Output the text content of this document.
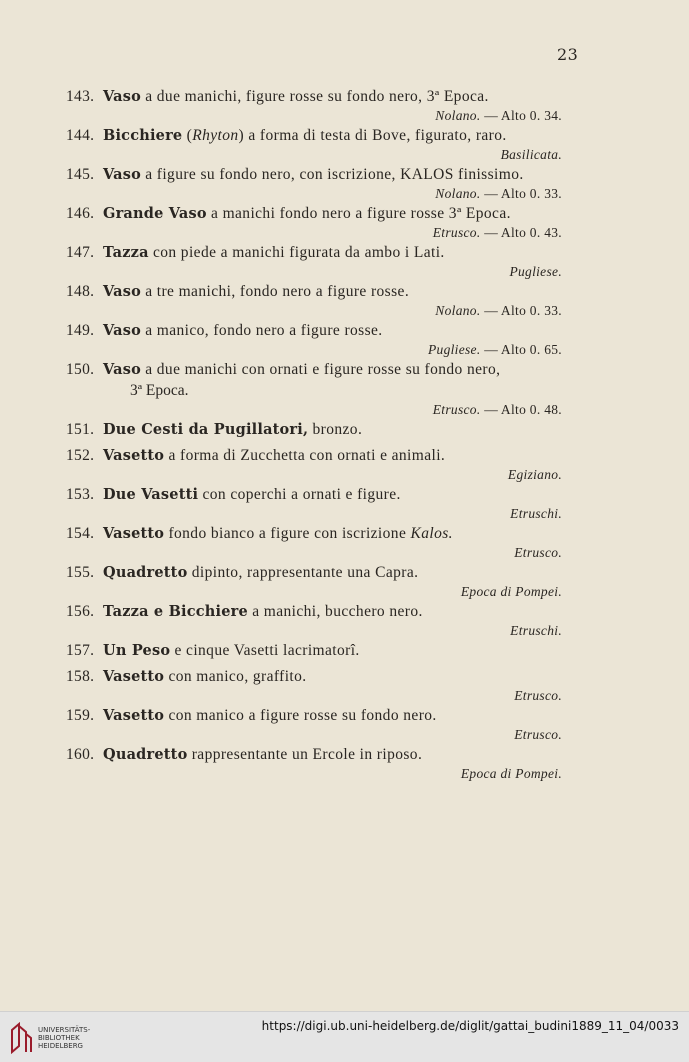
23
143. Vaso a due manichi, figure rosse su fondo nero, 3ª Epoca.
Nolano. — Alto 0. 34.
144. Bicchiere (Rhyton) a forma di testa di Bove, figurato, raro.
Basilicata.
145. Vaso a figure su fondo nero, con iscrizione, KALOS finissimo.
Nolano. — Alto 0. 33.
146. Grande Vaso a manichi fondo nero a figure rosse 3ª Epoca.
Etrusco. — Alto 0. 43.
147. Tazza con piede a manichi figurata da ambo i Lati.
Pugliese.
148. Vaso a tre manichi, fondo nero a figure rosse.
Nolano. — Alto 0. 33.
149. Vaso a manico, fondo nero a figure rosse.
Pugliese. — Alto 0. 65.
150. Vaso a due manichi con ornati e figure rosse su fondo nero,
3ª Epoca.
Etrusco. — Alto 0. 48.
151. Due Cesti da Pugillatori, bronzo.
152. Vasetto a forma di Zucchetta con ornati e animali.
Egiziano.
153. Due Vasetti con coperchi a ornati e figure.
Etruschi.
154. Vasetto fondo bianco a figure con iscrizione Kalos.
Etrusco.
155. Quadretto dipinto, rappresentante una Capra.
Epoca di Pompei.
156. Tazza e Bicchiere a manichi, bucchero nero.
Etruschi.
157. Un Peso e cinque Vasetti lacrimatorî.
158. Vasetto con manico, graffito.
Etrusco.
159. Vasetto con manico a figure rosse su fondo nero.
Etrusco.
160. Quadretto rappresentante un Ercole in riposo.
Epoca di Pompei.
UNIVERSITÄTS-
BIBLIOTHEK
HEIDELBERG
https://digi.ub.uni-heidelberg.de/diglit/gattai_budini1889_11_04/0033
